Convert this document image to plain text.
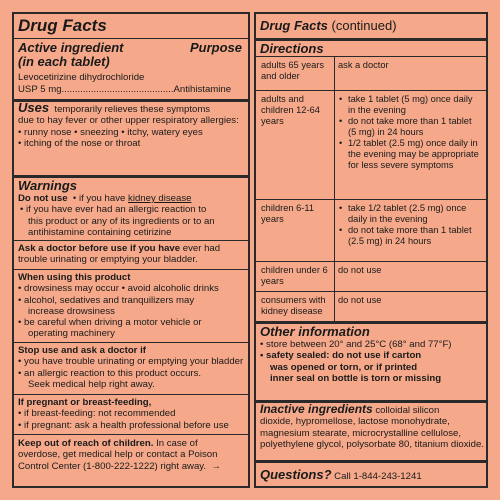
Drug Facts
Active ingredient	Purpose
(in each tablet)
Levocetirizine dihydrochloride
USP 5 mg..........................................Antihistamine
Uses temporarily relieves these symptoms
due to hay fever or other upper respiratory allergies:
• runny nose • sneezing • itchy, watery eyes
• itching of the nose or throat
Warnings
Do not use • if you have kidney disease
• if you have ever had an allergic reaction to
this product or any of its ingredients or to an
antihistamine containing cetirizine
Ask a doctor before use if you have ever had
trouble urinating or emptying your bladder.
When using this product
• drowsiness may occur • avoid alcoholic drinks
• alcohol, sedatives and tranquilizers may
increase drowsiness
• be careful when driving a motor vehicle or
operating machinery
Stop use and ask a doctor if
• you have trouble urinating or emptying your bladder
• an allergic reaction to this product occurs.
Seek medical help right away.
If pregnant or breast-feeding,
• if breast-feeding: not recommended
• if pregnant: ask a health professional before use
Keep out of reach of children. In case of
overdose, get medical help or contact a Poison
Control Center (1-800-222-1222) right away. →
Drug Facts (continued)
Directions
adults 65 years and older
ask a doctor
adults and children 12-64 years
• take 1 tablet (5 mg) once daily in the evening
• do not take more than 1 tablet (5 mg) in 24 hours
• 1/2 tablet (2.5 mg) once daily in the evening may be appropriate for less severe symptoms
children 6-11 years
• take 1/2 tablet (2.5 mg) once daily in the evening
• do not take more than 1 tablet (2.5 mg) in 24 hours
children under 6 years
do not use
consumers with kidney disease
do not use
Other information
• store between 20° and 25°C (68° and 77°F)
• safety sealed: do not use if carton
was opened or torn, or if printed
inner seal on bottle is torn or missing
Inactive ingredients colloidal silicon
dioxide, hypromellose, lactose monohydrate,
magnesium stearate, microcrystalline cellulose,
polyethylene glycol, polysorbate 80, titanium dioxide.
Questions? Call 1-844-243-1241
